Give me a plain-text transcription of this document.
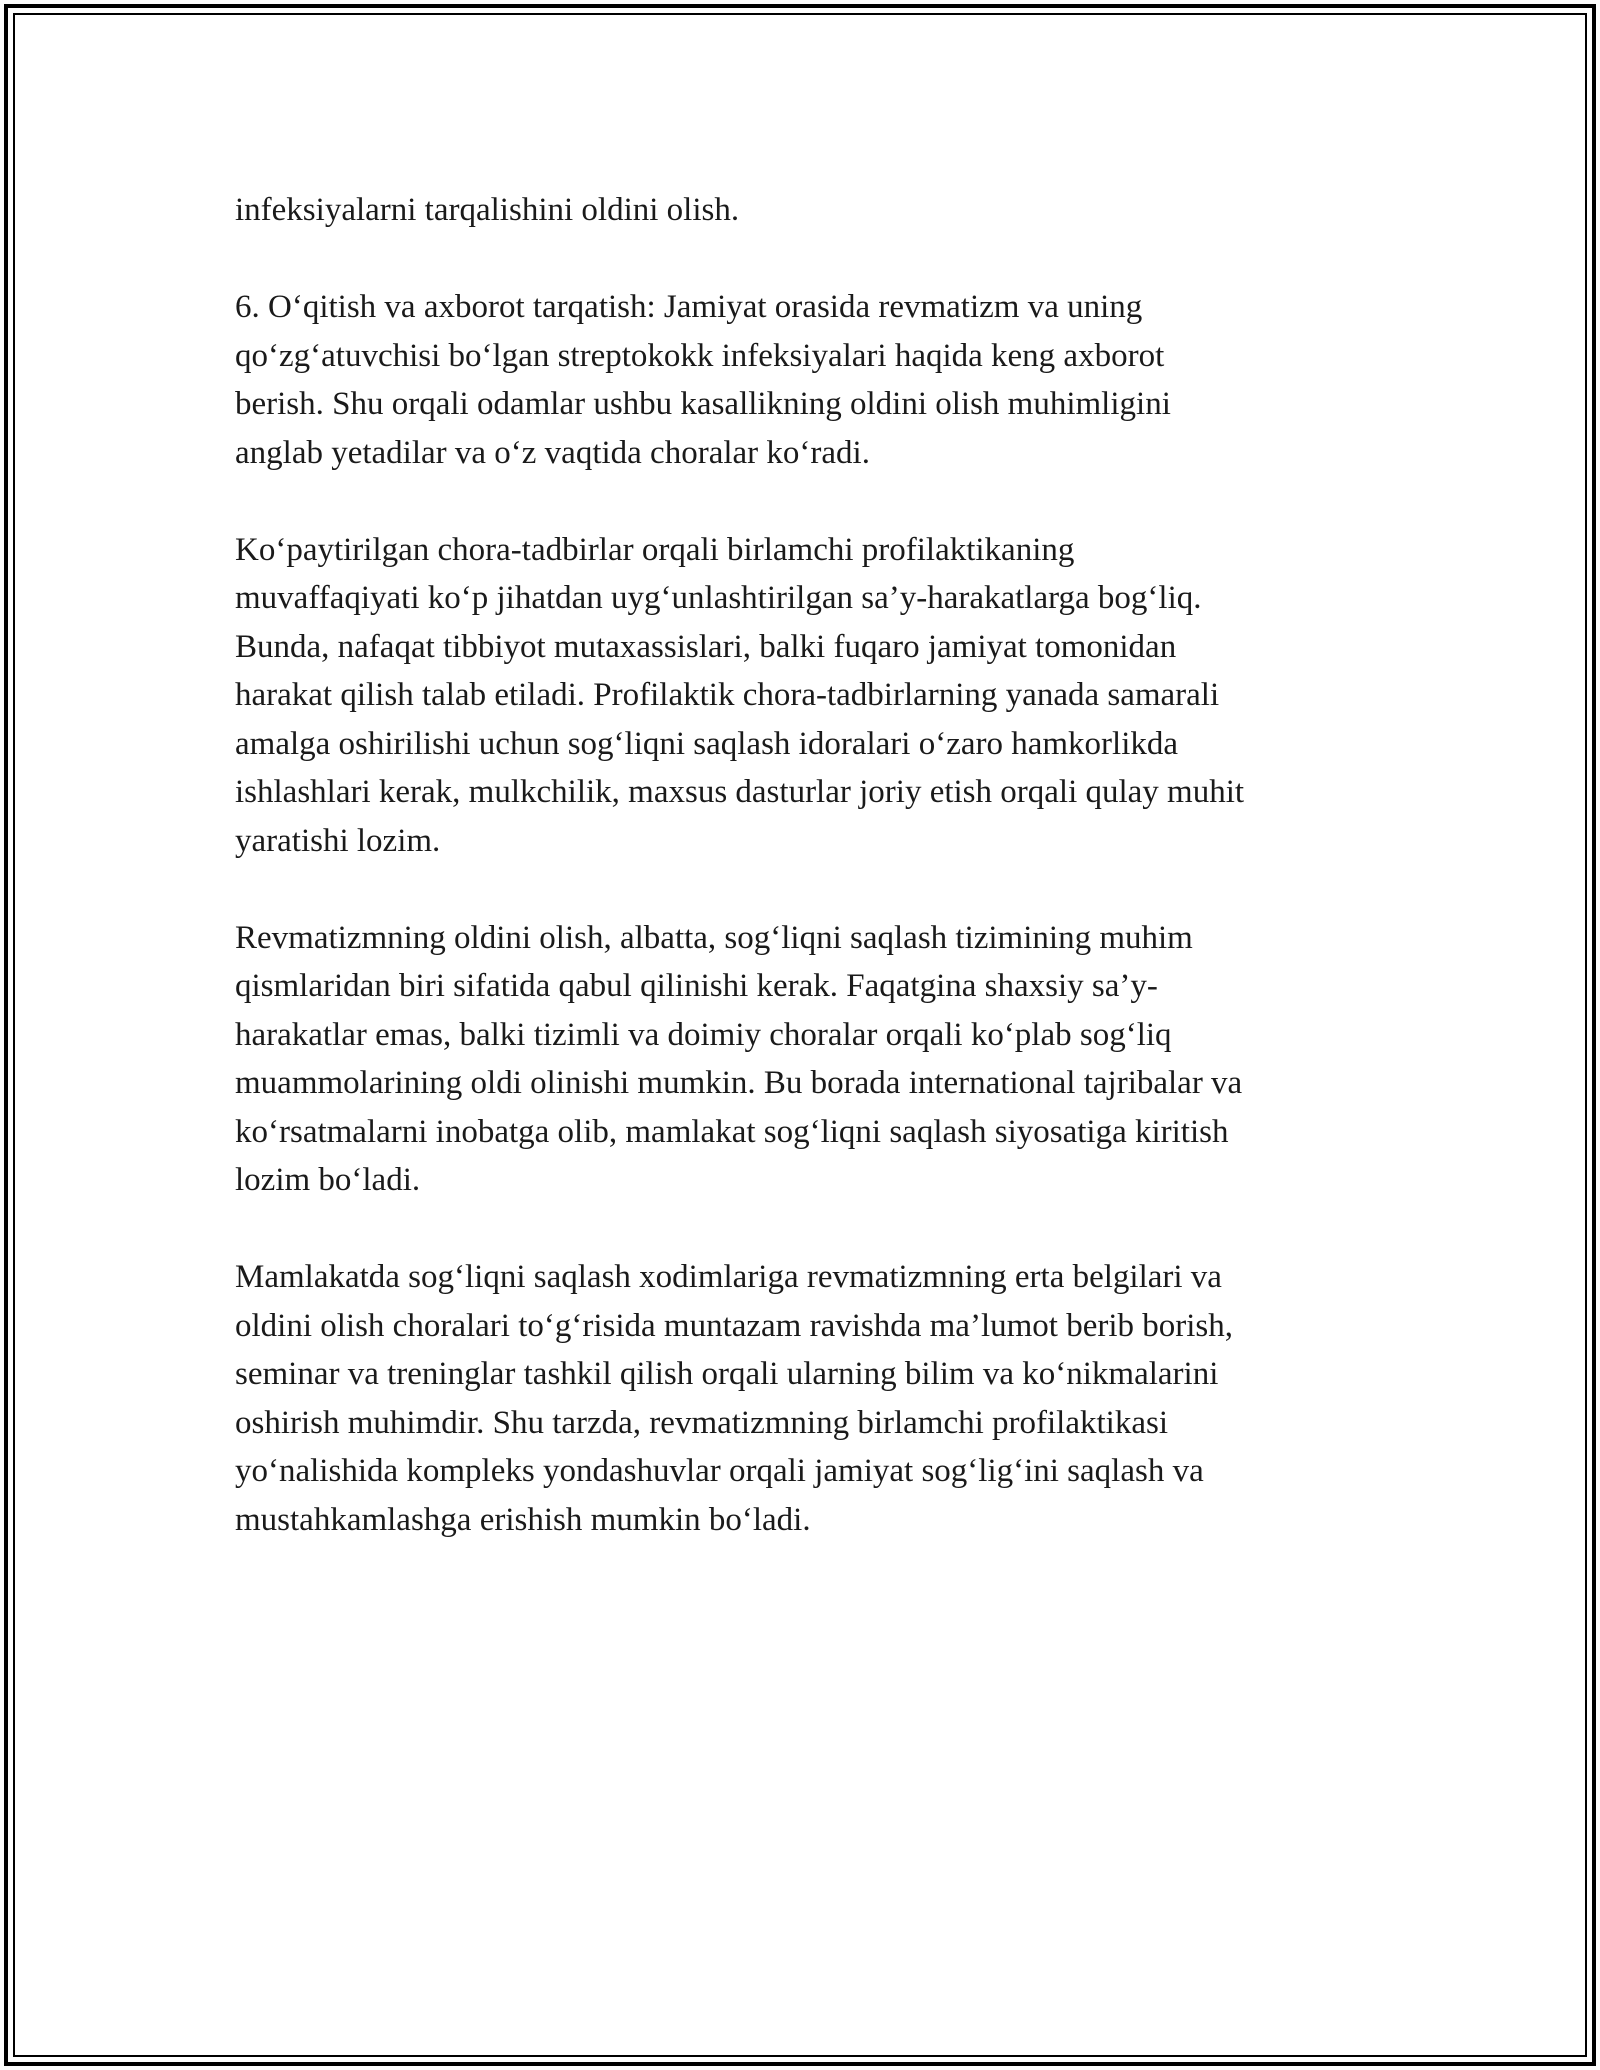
infeksiyalarni tarqalishini oldini olish.

6. O‘qitish va axborot tarqatish: Jamiyat orasida revmatizm va uning
qo‘zg‘atuvchisi bo‘lgan streptokokk infeksiyalari haqida keng axborot
berish. Shu orqali odamlar ushbu kasallikning oldini olish muhimligini
anglab yetadilar va o‘z vaqtida choralar ko‘radi.

Ko‘paytirilgan chora-tadbirlar orqali birlamchi profilaktikaning
muvaffaqiyati ko‘p jihatdan uyg‘unlashtirilgan sa’y-harakatlarga bog‘liq.
Bunda, nafaqat tibbiyot mutaxassislari, balki fuqaro jamiyat tomonidan
harakat qilish talab etiladi. Profilaktik chora-tadbirlarning yanada samarali
amalga oshirilishi uchun sog‘liqni saqlash idoralari o‘zaro hamkorlikda
ishlashlari kerak, mulkchilik, maxsus dasturlar joriy etish orqali qulay muhit
yaratishi lozim.

Revmatizmning oldini olish, albatta, sog‘liqni saqlash tizimining muhim
qismlaridan biri sifatida qabul qilinishi kerak. Faqatgina shaxsiy sa’y-
harakatlar emas, balki tizimli va doimiy choralar orqali ko‘plab sog‘liq
muammolarining oldi olinishi mumkin. Bu borada international tajribalar va
ko‘rsatmalarni inobatga olib, mamlakat sog‘liqni saqlash siyosatiga kiritish
lozim bo‘ladi.

Mamlakatda sog‘liqni saqlash xodimlariga revmatizmning erta belgilari va
oldini olish choralari to‘g‘risida muntazam ravishda ma’lumot berib borish,
seminar va treninglar tashkil qilish orqali ularning bilim va ko‘nikmalarini
oshirish muhimdir. Shu tarzda, revmatizmning birlamchi profilaktikasi
yo‘nalishida kompleks yondashuvlar orqali jamiyat sog‘lig‘ini saqlash va
mustahkamlashga erishish mumkin bo‘ladi.
